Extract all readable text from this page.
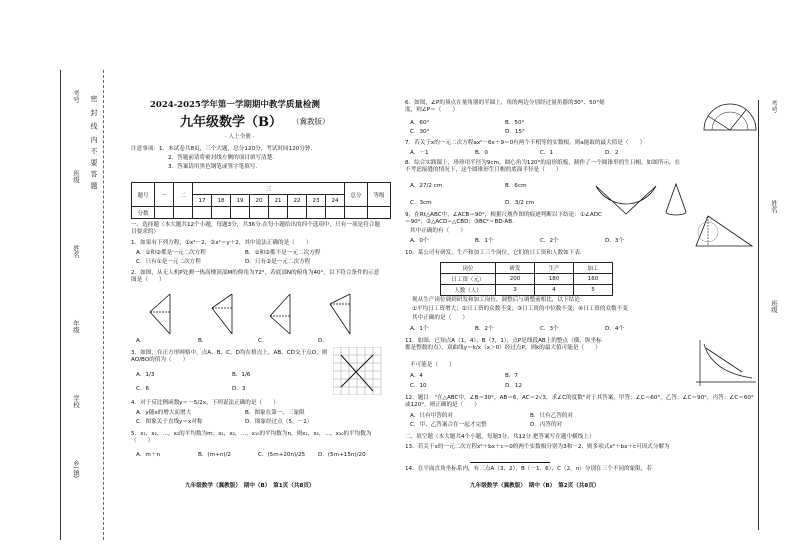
密   封   线   内  不  要  答  题
考号
班级
姓名
年级
学校
乡(镇)
考号
姓名
班级
2024-2025学年第一学期期中教学质量检测
九年级数学（B） （冀教版）
· 人上全册 ·
注意事项：1．本试卷共8页，三个大题，总分120分，考试时间120分钟.
2．答题前请将密封线左侧的项目填写清楚.
3．答案请用黑色钢笔或签字笔填写.
题号	一	二	三								总分	等级
			17	18	19	20	21	22	23	24		
分数												
一、选择题（本大题共12个小题，每题3分，共36分.在每小题给出的四个选项中，只有一项是符合题目要求的）
1．如果有下列方程，①x²－2，②x²＝y＋2，其中说法正确的是（　　）
A．①和②都是一元二次方程	B．①和②都不是一元二次方程
C．只有①是一元二次方程	D．只有②是一元二次方程
2．如图，从无人机P处测一热高楼顶部M的仰角为72°，若底部N的俯角为40°，以下符合条件的示意图是（　　）
A.	B.	C.	D.
3．如图，在正方形网格中，点A、B、C、D均在格点上，AB、CD交于点O，则AO/BO的值为（　　）
A．1/3	B．1/6
C．6	D．3
4．对于反比例函数y＝－5/2x，下列说法正确的是（　　）
A．y随x的增大而增大	B．图象在第一、三象限
C．图象关于直线y＝x对称	D．图象经过点（5，－2）
5．x₁，x₂，…，x₂的平均数为m；x₁，x₂，…，x₁₀的平均数为n，则x₁，x₂，…，x₁₀的平均数为（　　）
A．m＋n	B．(m+n)/2	C．(5m+20n)/25 D．(5m+15n)/20
九年级数学（冀教版）　期中（B）　第1页（共8页）
6．如图，∠P的顶点在量角器的半圆上，角的两边分别经过量角器的30°、50°刻度，则∠P＝（　　）
A．60°	B．50°
C．30°	D．15°
7．若关于x的一元二次方程ax²－6x＋9＝0有两个不相等的实数根，则a能取的最大值是（　　）
A．－1	B．0	C．1	D．2
8．综合实践课上，珍珍用半径为9cm，圆心角为120°的扇形纸板，制作了一个圆锥形的生日帽，如图所示，在不考虑接缝的情况下，这个圆锥形生日帽的底面半径是（　　）
A．27/2 cm	B．6cm
C．3cm	D．3/2 cm
9．在Rt△ABC中，∠ACB＝90°，根据尺规作图的痕迹判断以下结论：①∠ADC＝90°；②△ACD∽△CBD；③BC²＝BD·AB.
其中正确的有（　　）
A．0个	B．1个	C．2个	D．3个
10．某公司有研发、生产和加工三个岗位，它们的日工资和人数如下表.
岗位	研发	生产	加工
日工资（元）	200	180	160
人数（人）	3	4	5
现从生产岗位调到研发和加工岗位，调整后与调整前相比，以下结论：
①平均日工资增大；②日工资的众数不变；③日工资的中位数不变；④日工资的众数不变
其中正确的是（　　）
A．1个	B．2个	C．3个	D．4个
11．如图，已知点A（1，4），B（7，1），点P是线段AB上的整点（横、纵坐标都是整数的点），双曲线y＝k/x（x＞0）经过点P，则k的最大值可能是（　　）
不可能是（　　）
A．4	B．7
C．10	D．12
12．题目："在△ABC中，∠B＝30°，AB＝6，AC＝2√3，求∠C的度数"对于其答案，甲答：∠C＝60°，乙答：∠C＝90°，丙答：∠C＝60°或120°，则正确的是（　　）
A．只有甲答的对	B．只有乙答的对
C．甲、乙答案合在一起才完整	D．丙答的对
二、填空题（本大题共4个小题，每题3分，共12分.把答案写在题中横线上）
13．若关于x的一元二次方程x²＋bx＋c＝0的两个实数根分别为3和－2，则多项式x²＋bx＋c可因式分解为
14．在平面直角坐标系内，有三点A（3，2），B（－1，6），C（2，n）分别在三个不同的象限，若
九年级数学（冀教版）　期中（B）　第2页（共8页）
